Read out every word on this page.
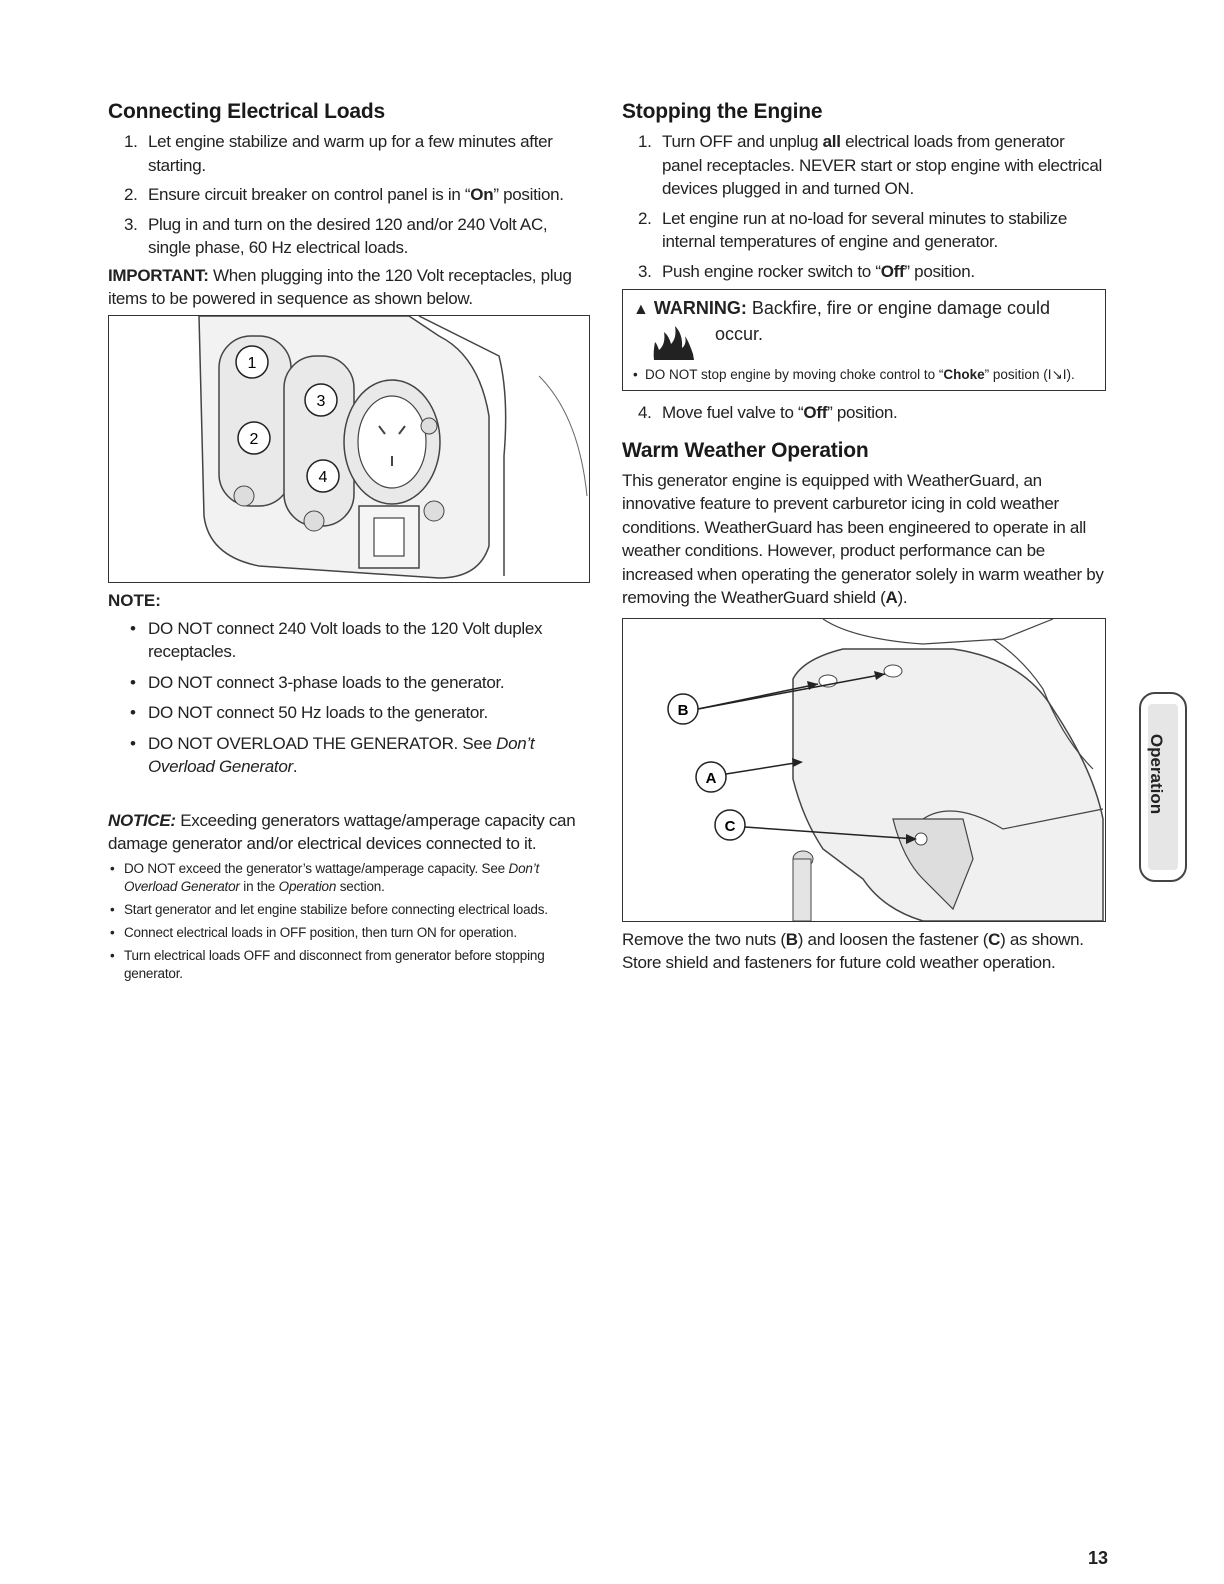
Connecting Electrical Loads
1. Let engine stabilize and warm up for a few minutes after starting.
2. Ensure circuit breaker on control panel is in “On” position.
3. Plug in and turn on the desired 120 and/or 240 Volt AC, single phase, 60 Hz electrical loads.
IMPORTANT: When plugging into the 120 Volt receptacles, plug items to be powered in sequence as shown below.
1
3
2
4
NOTE:
• DO NOT connect 240 Volt loads to the 120 Volt duplex receptacles.
• DO NOT connect 3-phase loads to the generator.
• DO NOT connect 50 Hz loads to the generator.
• DO NOT OVERLOAD THE GENERATOR. See Don’t Overload Generator.
NOTICE: Exceeding generators wattage/amperage capacity can damage generator and/or electrical devices connected to it.
• DO NOT exceed the generator’s wattage/amperage capacity. See Don’t Overload Generator in the Operation section.
• Start generator and let engine stabilize before connecting electrical loads.
• Connect electrical loads in OFF position, then turn ON for operation.
• Turn electrical loads OFF and disconnect from generator before stopping generator.
Stopping the Engine
1. Turn OFF and unplug all electrical loads from generator panel receptacles. NEVER start or stop engine with electrical devices plugged in and turned ON.
2. Let engine run at no-load for several minutes to stabilize internal temperatures of engine and generator.
3. Push engine rocker switch to “Off” position.
▲ WARNING: Backfire, fire or engine damage could
occur.
• DO NOT stop engine by moving choke control to “Choke” position (I↘I).
4. Move fuel valve to “Off” position.
Warm Weather Operation
This generator engine is equipped with WeatherGuard, an innovative feature to prevent carburetor icing in cold weather conditions. WeatherGuard has been engineered to operate in all weather conditions. However, product performance can be increased when operating the generator solely in warm weather by removing the WeatherGuard shield (A).
B
A
C
Remove the two nuts (B) and loosen the fastener (C) as shown. Store shield and fasteners for future cold weather operation.
Operation
13
